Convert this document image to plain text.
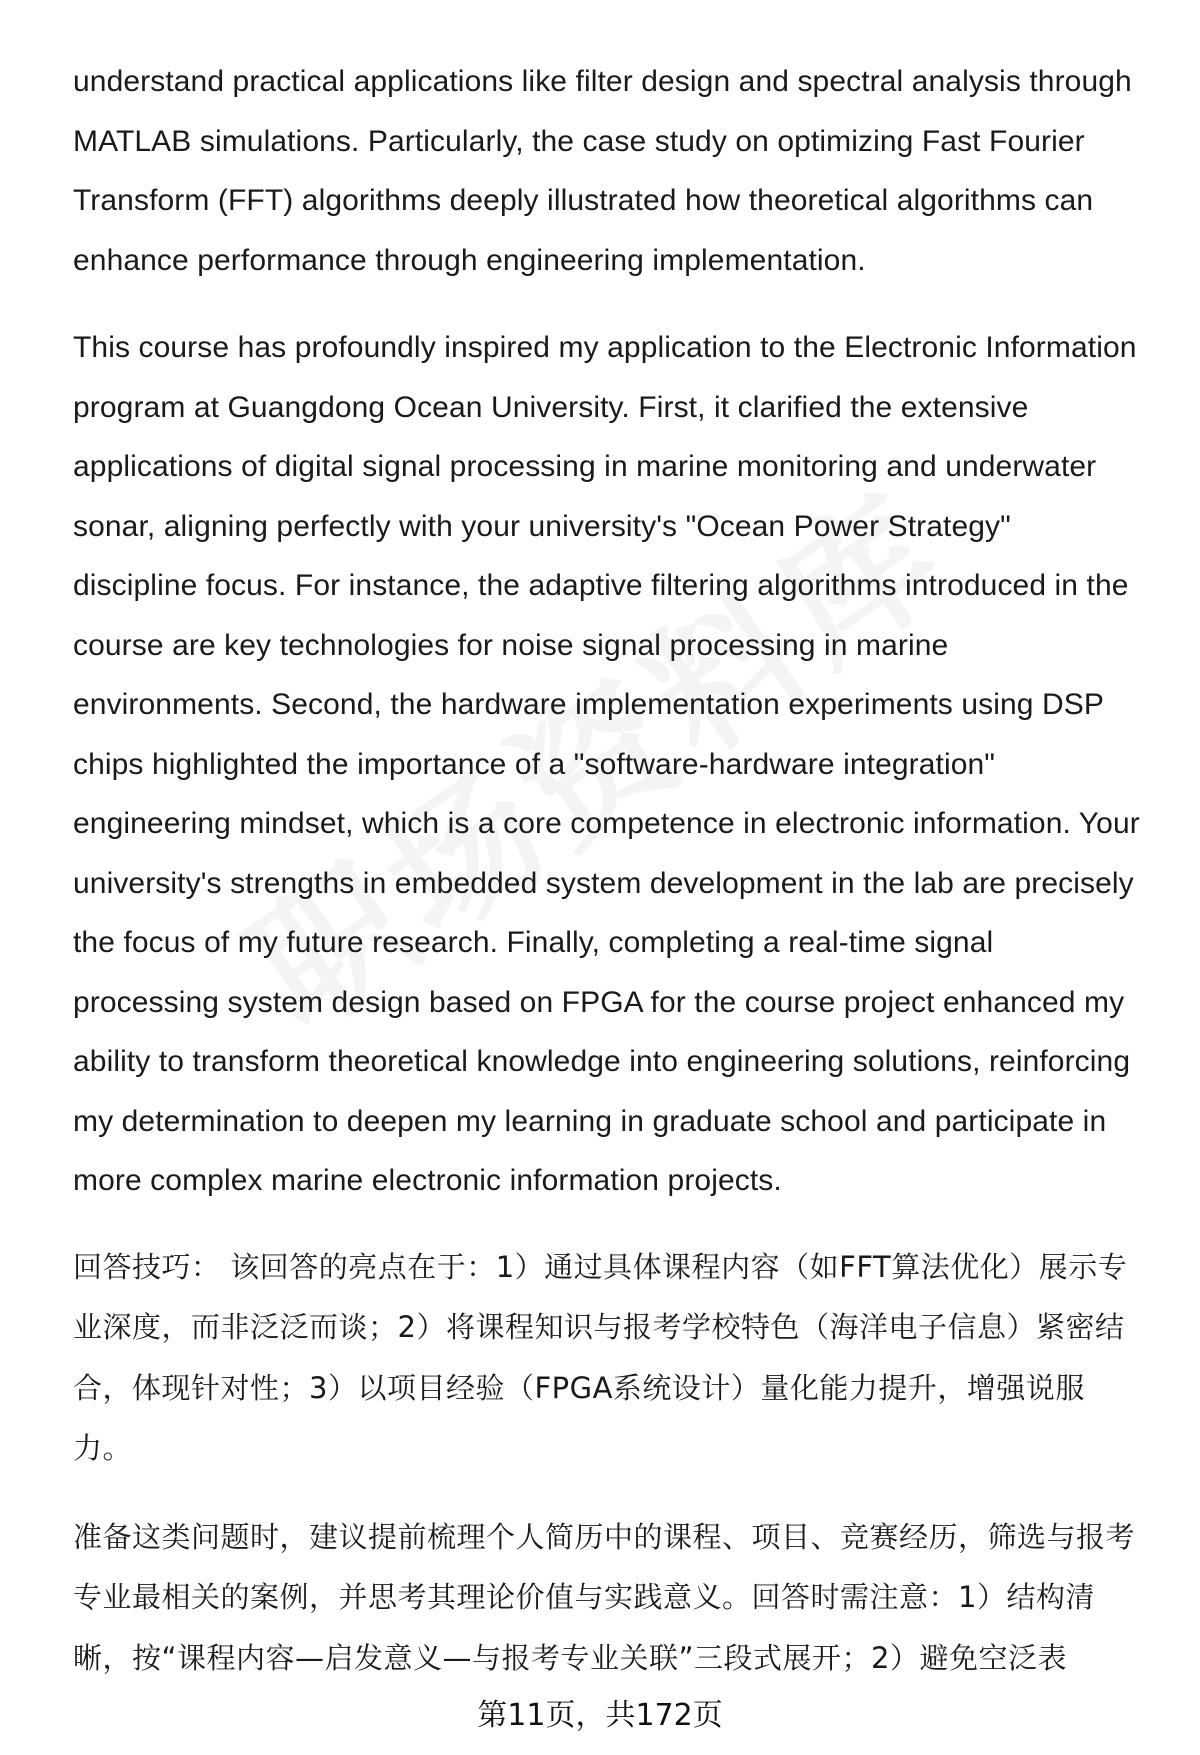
understand practical applications like filter design and spectral analysis through MATLAB simulations. Particularly, the case study on optimizing Fast Fourier Transform (FFT) algorithms deeply illustrated how theoretical algorithms can enhance performance through engineering implementation.

This course has profoundly inspired my application to the Electronic Information program at Guangdong Ocean University. First, it clarified the extensive applications of digital signal processing in marine monitoring and underwater sonar, aligning perfectly with your university's "Ocean Power Strategy" discipline focus. For instance, the adaptive filtering algorithms introduced in the course are key technologies for noise signal processing in marine environments. Second, the hardware implementation experiments using DSP chips highlighted the importance of a "software-hardware integration" engineering mindset, which is a core competence in electronic information. Your university's strengths in embedded system development in the lab are precisely the focus of my future research. Finally, completing a real-time signal processing system design based on FPGA for the course project enhanced my ability to transform theoretical knowledge into engineering solutions, reinforcing my determination to deepen my learning in graduate school and participate in more complex marine electronic information projects.

回答技巧： 该回答的亮点在于：1）通过具体课程内容（如FFT算法优化）展示专业深度，而非泛泛而谈；2）将课程知识与报考学校特色（海洋电子信息）紧密结合，体现针对性；3）以项目经验（FPGA系统设计）量化能力提升，增强说服力。

准备这类问题时，建议提前梳理个人简历中的课程、项目、竞赛经历，筛选与报考专业最相关的案例，并思考其理论价值与实践意义。回答时需注意：1）结构清晰，按“课程内容—启发意义—与报考专业关联”三段式展开；2）避免空泛表

第11页，共172页
